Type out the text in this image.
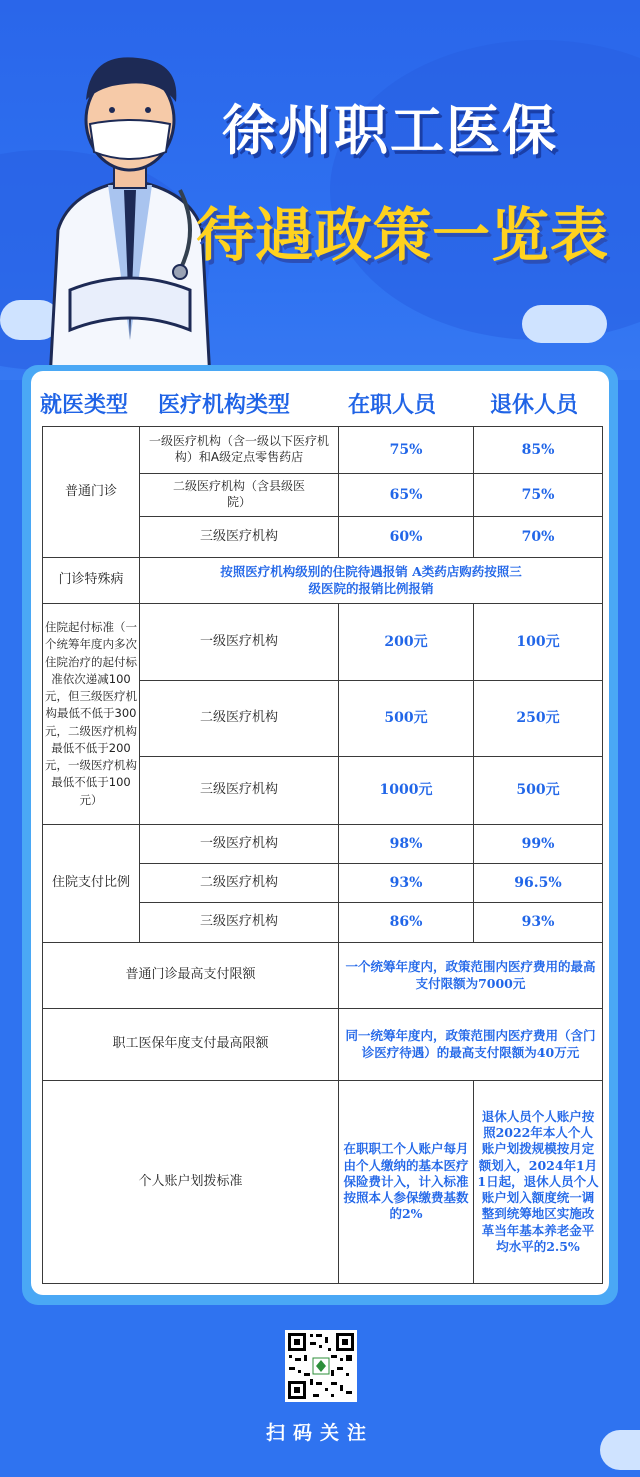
徐州职工医保
待遇政策一览表
就医类型 医疗机构类型	在职人员 退休人员
普通门诊	一级医疗机构（含一级以下医疗机构）和A级定点零售药店	75%	85%
	二级医疗机构（含县级医院）	65%	75%
	三级医疗机构	60%	70%
门诊特殊病	按照医疗机构级别的住院待遇报销 A类药店购药按照三级医院的报销比例报销		
住院起付标准（一个统筹年度内多次住院治疗的起付标准依次递减100元，但三级医疗机构最低不低于300元，二级医疗机构最低不低于200元，一级医疗机构最低不低于100元）	一级医疗机构	200元	100元
	二级医疗机构	500元	250元
	三级医疗机构	1000元	500元
住院支付比例	一级医疗机构	98%	99%
	二级医疗机构	93%	96.5%
	三级医疗机构	86%	93%
普通门诊最高支付限额		一个统筹年度内，政策范围内医疗费用的最高支付限额为7000元	
职工医保年度支付最高限额		同一统筹年度内，政策范围内医疗费用（含门诊医疗待遇）的最高支付限额为40万元	
个人账户划拨标准		在职职工个人账户每月由个人缴纳的基本医疗保险费计入，计入标准按照本人参保缴费基数的2%	退休人员个人账户按照2022年本人个人账户划拨规模按月定额划入，2024年1月1日起，退休人员个人账户划入额度统一调整到统筹地区实施改革当年基本养老金平均水平的2.5%
扫码关注
